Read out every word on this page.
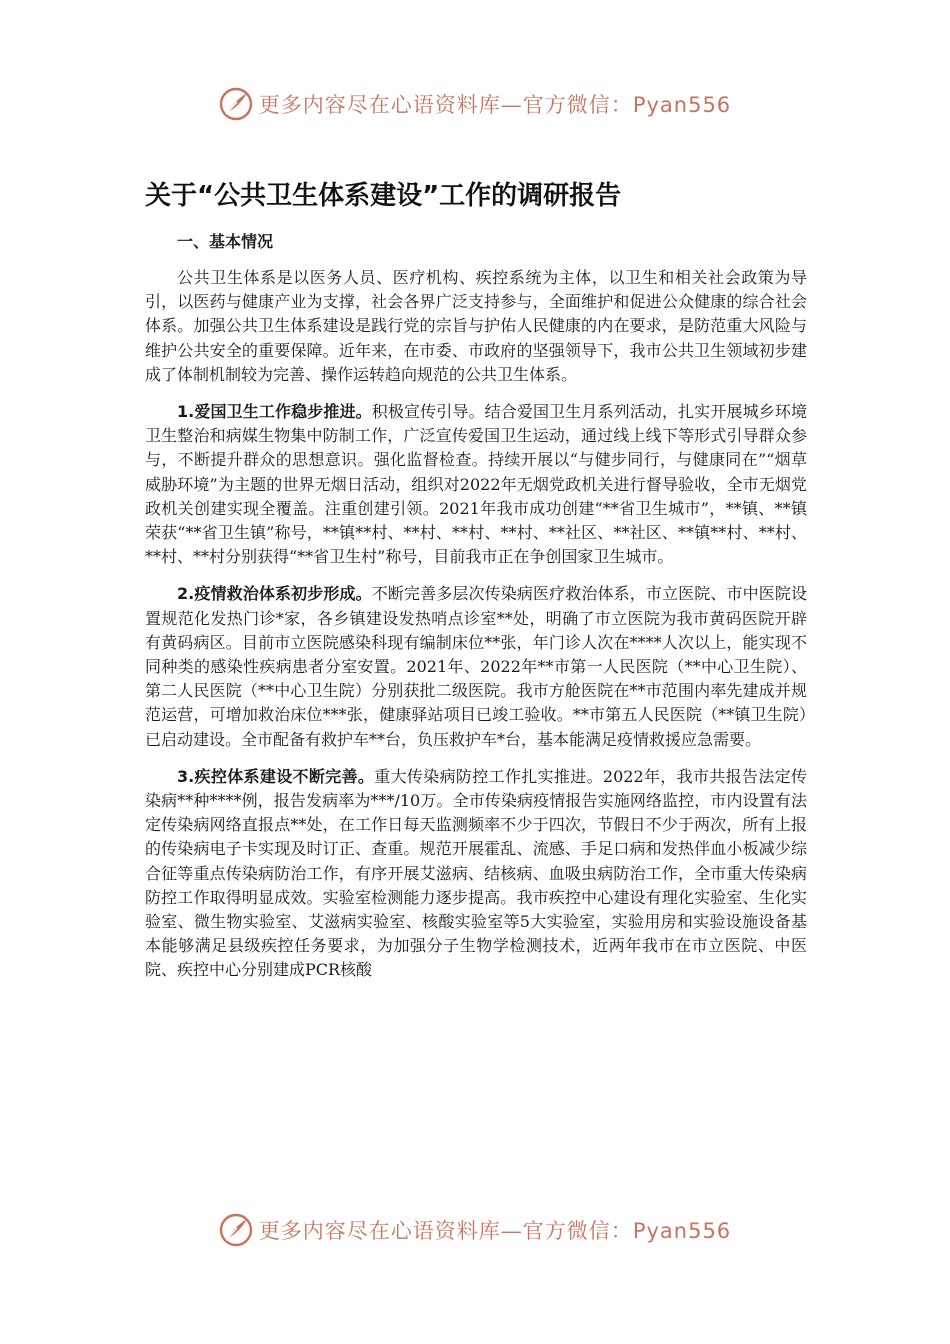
更多内容尽在心语资料库—官方微信：Pyan556
关于“公共卫生体系建设”工作的调研报告

一、基本情况

公共卫生体系是以医务人员、医疗机构、疾控系统为主体，以卫生和相关社会政策为导引，以医药与健康产业为支撑，社会各界广泛支持参与，全面维护和促进公众健康的综合社会体系。加强公共卫生体系建设是践行党的宗旨与护佑人民健康的内在要求，是防范重大风险与维护公共安全的重要保障。近年来，在市委、市政府的坚强领导下，我市公共卫生领域初步建成了体制机制较为完善、操作运转趋向规范的公共卫生体系。

1.爱国卫生工作稳步推进。积极宣传引导。结合爱国卫生月系列活动，扎实开展城乡环境卫生整治和病媒生物集中防制工作，广泛宣传爱国卫生运动，通过线上线下等形式引导群众参与，不断提升群众的思想意识。强化监督检查。持续开展以“与健步同行，与健康同在”“烟草威胁环境”为主题的世界无烟日活动，组织对2022年无烟党政机关进行督导验收，全市无烟党政机关创建实现全覆盖。注重创建引领。2021年我市成功创建“**省卫生城市”，**镇、**镇荣获“**省卫生镇”称号，**镇**村、**村、**村、**村、**社区、**社区、**镇**村、**村、**村、**村分别获得“**省卫生村”称号，目前我市正在争创国家卫生城市。

2.疫情救治体系初步形成。不断完善多层次传染病医疗救治体系，市立医院、市中医院设置规范化发热门诊*家，各乡镇建设发热哨点诊室**处，明确了市立医院为我市黄码医院开辟有黄码病区。目前市立医院感染科现有编制床位**张，年门诊人次在****人次以上，能实现不同种类的感染性疾病患者分室安置。2021年、2022年**市第一人民医院（**中心卫生院）、第二人民医院（**中心卫生院）分别获批二级医院。我市方舱医院在**市范围内率先建成并规范运营，可增加救治床位***张，健康驿站项目已竣工验收。**市第五人民医院（**镇卫生院）已启动建设。全市配备有救护车**台，负压救护车*台，基本能满足疫情救援应急需要。

3.疾控体系建设不断完善。重大传染病防控工作扎实推进。2022年，我市共报告法定传染病**种****例，报告发病率为***/10万。全市传染病疫情报告实施网络监控，市内设置有法定传染病网络直报点**处，在工作日每天监测频率不少于四次，节假日不少于两次，所有上报的传染病电子卡实现及时订正、查重。规范开展霍乱、流感、手足口病和发热伴血小板减少综合征等重点传染病防治工作，有序开展艾滋病、结核病、血吸虫病防治工作，全市重大传染病防控工作取得明显成效。实验室检测能力逐步提高。我市疾控中心建设有理化实验室、生化实验室、微生物实验室、艾滋病实验室、核酸实验室等5大实验室，实验用房和实验设施设备基本能够满足县级疾控任务要求，为加强分子生物学检测技术，近两年我市在市立医院、中医院、疾控中心分别建成PCR核酸

更多内容尽在心语资料库—官方微信：Pyan556
